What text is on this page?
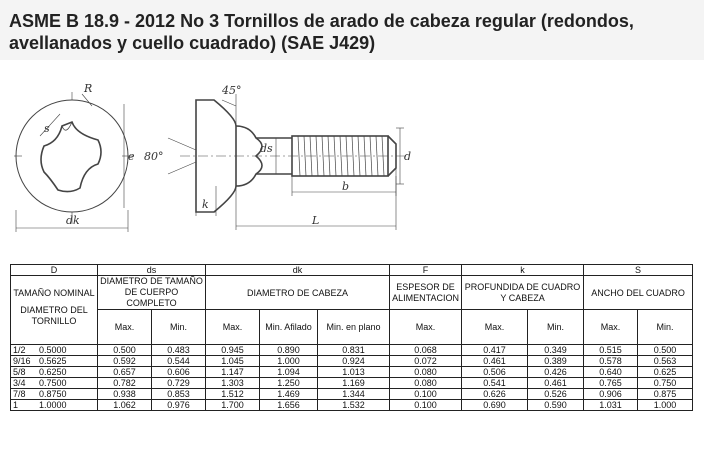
ASME B 18.9 - 2012 No 3 Tornillos de arado de cabeza regular (redondos, avellanados y cuello cuadrado) (SAE J429)
R
s
e
dk
80°
45°
ds
d
b
k
L
D	ds		dk			F	k		S	

TAMAÑO NOMINAL
DIAMETRO DEL TORNILLO	DIAMETRO DE TAMAÑO DE CUERPO COMPLETO		DIAMETRO DE CABEZA			ESPESOR DE ALIMENTACION	PROFUNDIDA DE CUADRO Y CABEZA		ANCHO DEL CUADRO	
	Max.	Min.	Max.	Min. Afilado	Min. en plano	Max.	Max.	Min.	Max.	Min.
1/2 0.5000	0.500	0.483	0.945	0.890	0.831	0.068	0.417	0.349	0.515	0.500
9/16 0.5625	0.592	0.544	1.045	1.000	0.924	0.072	0.461	0.389	0.578	0.563
5/8 0.6250	0.657	0.606	1.147	1.094	1.013	0.080	0.506	0.426	0.640	0.625
3/4 0.7500	0.782	0.729	1.303	1.250	1.169	0.080	0.541	0.461	0.765	0.750
7/8 0.8750	0.938	0.853	1.512	1.469	1.344	0.100	0.626	0.526	0.906	0.875
1 1.0000	1.062	0.976	1.700	1.656	1.532	0.100	0.690	0.590	1.031	1.000
